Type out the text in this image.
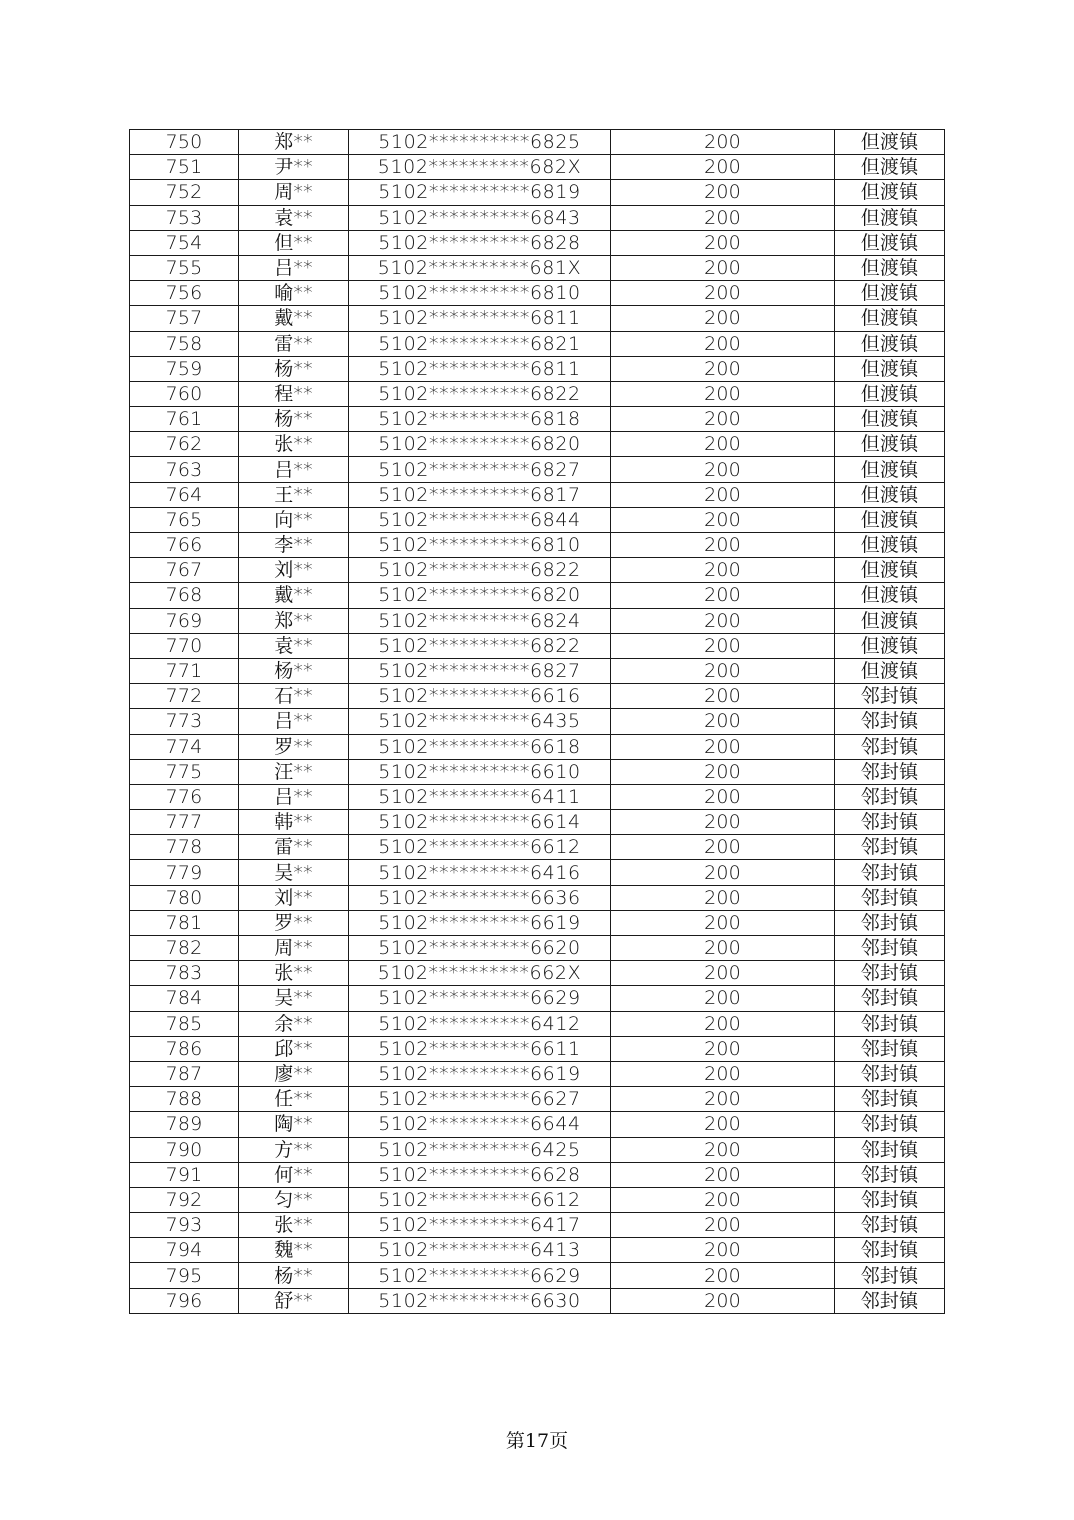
750	郑**	5102**********6825	200	但渡镇
751	尹**	5102**********682X	200	但渡镇
752	周**	5102**********6819	200	但渡镇
753	袁**	5102**********6843	200	但渡镇
754	但**	5102**********6828	200	但渡镇
755	吕**	5102**********681X	200	但渡镇
756	喻**	5102**********6810	200	但渡镇
757	戴**	5102**********6811	200	但渡镇
758	雷**	5102**********6821	200	但渡镇
759	杨**	5102**********6811	200	但渡镇
760	程**	5102**********6822	200	但渡镇
761	杨**	5102**********6818	200	但渡镇
762	张**	5102**********6820	200	但渡镇
763	吕**	5102**********6827	200	但渡镇
764	王**	5102**********6817	200	但渡镇
765	向**	5102**********6844	200	但渡镇
766	李**	5102**********6810	200	但渡镇
767	刘**	5102**********6822	200	但渡镇
768	戴**	5102**********6820	200	但渡镇
769	郑**	5102**********6824	200	但渡镇
770	袁**	5102**********6822	200	但渡镇
771	杨**	5102**********6827	200	但渡镇
772	石**	5102**********6616	200	邻封镇
773	吕**	5102**********6435	200	邻封镇
774	罗**	5102**********6618	200	邻封镇
775	汪**	5102**********6610	200	邻封镇
776	吕**	5102**********6411	200	邻封镇
777	韩**	5102**********6614	200	邻封镇
778	雷**	5102**********6612	200	邻封镇
779	吴**	5102**********6416	200	邻封镇
780	刘**	5102**********6636	200	邻封镇
781	罗**	5102**********6619	200	邻封镇
782	周**	5102**********6620	200	邻封镇
783	张**	5102**********662X	200	邻封镇
784	吴**	5102**********6629	200	邻封镇
785	余**	5102**********6412	200	邻封镇
786	邱**	5102**********6611	200	邻封镇
787	廖**	5102**********6619	200	邻封镇
788	任**	5102**********6627	200	邻封镇
789	陶**	5102**********6644	200	邻封镇
790	方**	5102**********6425	200	邻封镇
791	何**	5102**********6628	200	邻封镇
792	匀**	5102**********6612	200	邻封镇
793	张**	5102**********6417	200	邻封镇
794	魏**	5102**********6413	200	邻封镇
795	杨**	5102**********6629	200	邻封镇
796	舒**	5102**********6630	200	邻封镇
第17页
